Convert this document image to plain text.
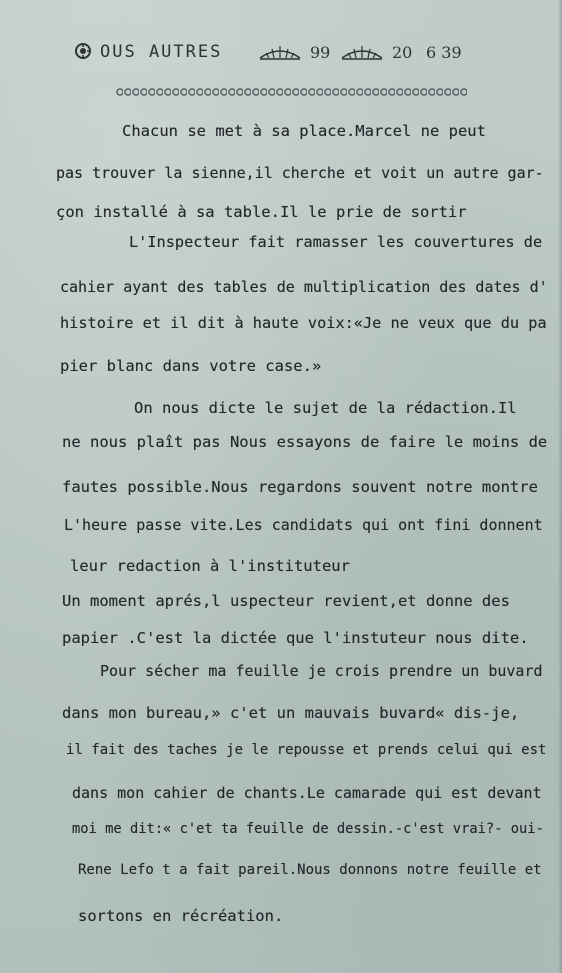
OUS AUTRES	99	20 6 39
Chacun se met à sa place.Marcel ne peut
pas trouver la sienne,il cherche et voit un autre gar-
çon installé à sa table.Il le prie de sortir
L'Inspecteur fait ramasser les couvertures de
cahier ayant des tables de multiplication des dates d'
histoire et il dit à haute voix:«Je ne veux que du pa
pier blanc dans votre case.»
On nous dicte le sujet de la rédaction.Il
ne nous plaît pas Nous essayons de faire le moins de
fautes possible.Nous regardons souvent notre montre
L'heure passe vite.Les candidats qui ont fini donnent
leur redaction à l'instituteur
Un moment aprés,l uspecteur revient,et donne des
papier .C'est la dictée que l'instuteur nous dite.
Pour sécher ma feuille je crois prendre un buvard
dans mon bureau,» c'et un mauvais buvard« dis-je,
il fait des taches je le repousse et prends celui qui est
dans mon cahier de chants.Le camarade qui est devant
moi me dit:« c'et ta feuille de dessin.-c'est vrai?- oui-
Rene Lefo t a fait pareil.Nous donnons notre feuille et
sortons en récréation.
